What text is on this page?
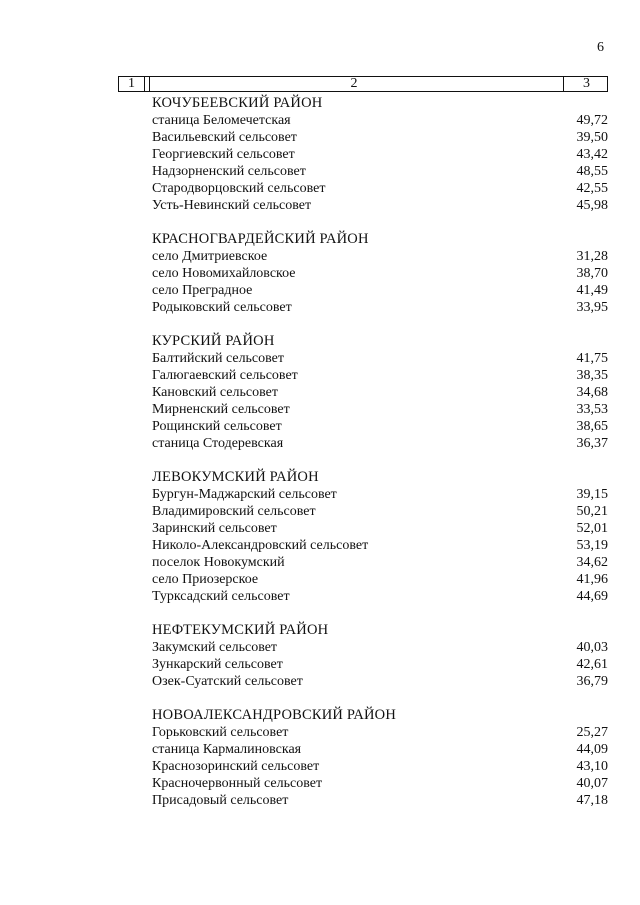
6
1	2	3
КОЧУБЕЕВСКИЙ РАЙОН
станица Беломечетская	49,72
Васильевский сельсовет	39,50
Георгиевский сельсовет	43,42
Надзорненский сельсовет	48,55
Стародворцовский сельсовет	42,55
Усть-Невинский сельсовет	45,98
КРАСНОГВАРДЕЙСКИЙ РАЙОН
село Дмитриевское	31,28
село Новомихайловское	38,70
село Преградное	41,49
Родыковский сельсовет	33,95
КУРСКИЙ РАЙОН
Балтийский сельсовет	41,75
Галюгаевский сельсовет	38,35
Кановский сельсовет	34,68
Мирненский сельсовет	33,53
Рощинский сельсовет	38,65
станица Стодеревская	36,37
ЛЕВОКУМСКИЙ РАЙОН
Бургун-Маджарский сельсовет	39,15
Владимировский сельсовет	50,21
Заринский сельсовет	52,01
Николо-Александровский сельсовет	53,19
поселок Новокумский	34,62
село Приозерское	41,96
Турксадский сельсовет	44,69
НЕФТЕКУМСКИЙ РАЙОН
Закумский сельсовет	40,03
Зункарский сельсовет	42,61
Озек-Суатский сельсовет	36,79
НОВОАЛЕКСАНДРОВСКИЙ РАЙОН
Горьковский сельсовет	25,27
станица Кармалиновская	44,09
Краснозоринский сельсовет	43,10
Красночервонный сельсовет	40,07
Присадовый сельсовет	47,18
